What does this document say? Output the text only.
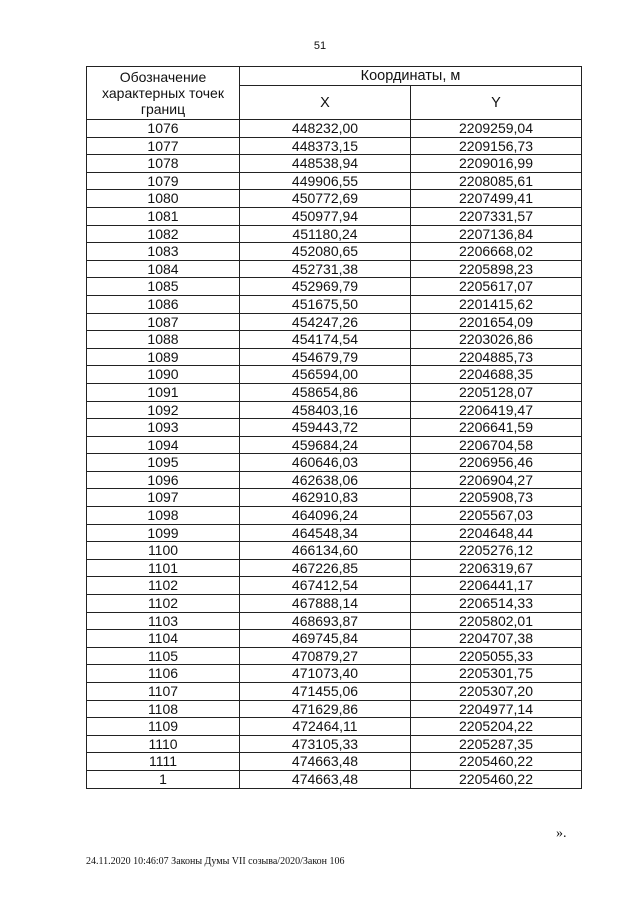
51
Обозначение характерных точек границ	Координаты, м	
	X	Y
1076	448232,00	2209259,04
1077	448373,15	2209156,73
1078	448538,94	2209016,99
1079	449906,55	2208085,61
1080	450772,69	2207499,41
1081	450977,94	2207331,57
1082	451180,24	2207136,84
1083	452080,65	2206668,02
1084	452731,38	2205898,23
1085	452969,79	2205617,07
1086	451675,50	2201415,62
1087	454247,26	2201654,09
1088	454174,54	2203026,86
1089	454679,79	2204885,73
1090	456594,00	2204688,35
1091	458654,86	2205128,07
1092	458403,16	2206419,47
1093	459443,72	2206641,59
1094	459684,24	2206704,58
1095	460646,03	2206956,46
1096	462638,06	2206904,27
1097	462910,83	2205908,73
1098	464096,24	2205567,03
1099	464548,34	2204648,44
1100	466134,60	2205276,12
1101	467226,85	2206319,67
1102	467412,54	2206441,17
1102	467888,14	2206514,33
1103	468693,87	2205802,01
1104	469745,84	2204707,38
1105	470879,27	2205055,33
1106	471073,40	2205301,75
1107	471455,06	2205307,20
1108	471629,86	2204977,14
1109	472464,11	2205204,22
1110	473105,33	2205287,35
1111	474663,48	2205460,22
1	474663,48	2205460,22
».
24.11.2020 10:46:07 Законы Думы VII созыва/2020/Закон 106
